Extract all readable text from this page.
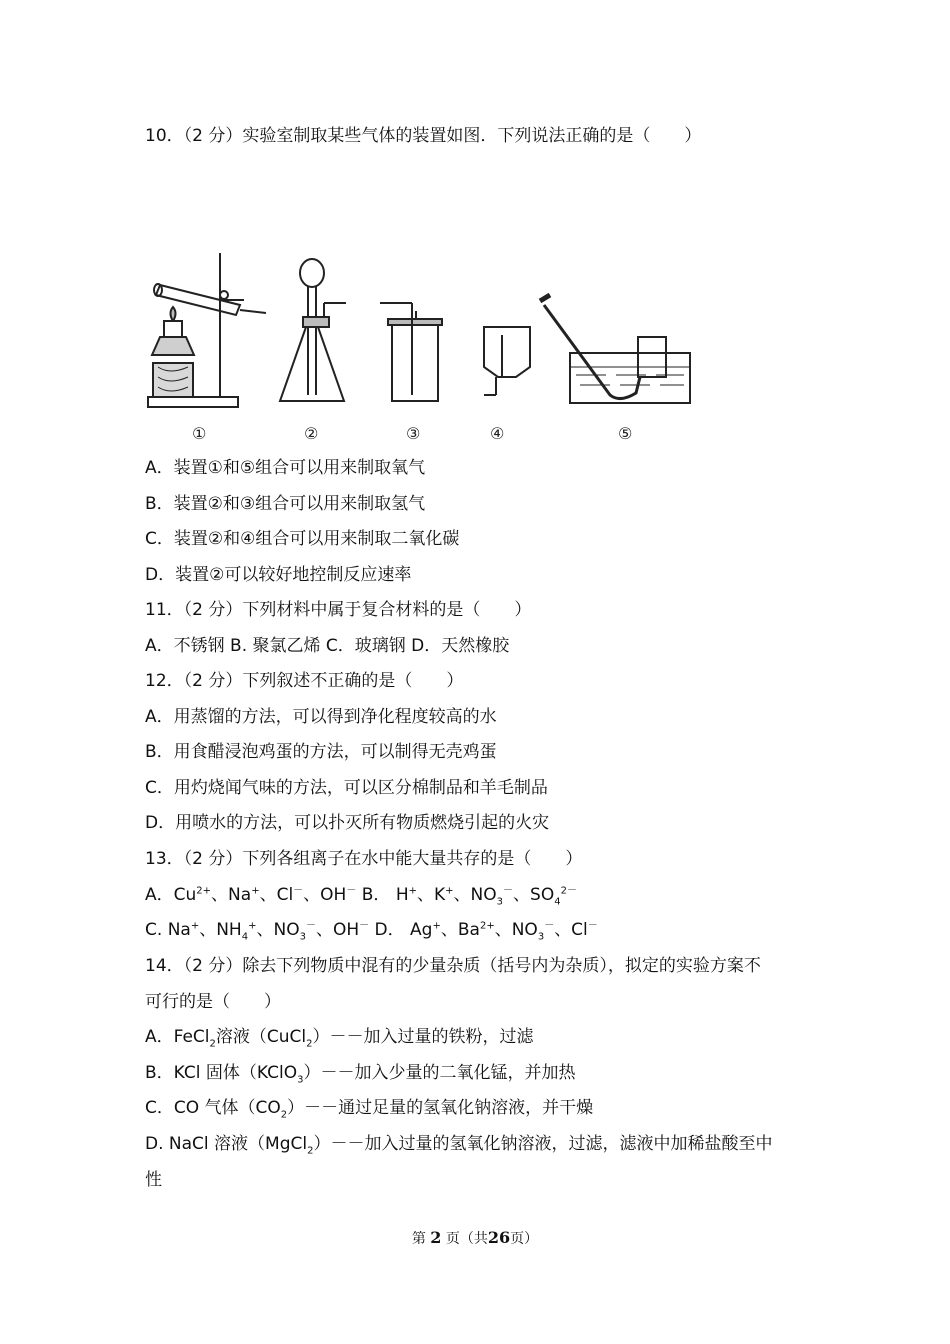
10．（2 分）实验室制取某些气体的装置如图．下列说法正确的是（　　）
①	②	③	④	⑤
A．装置①和⑤组合可以用来制取氧气
B．装置②和③组合可以用来制取氢气
C．装置②和④组合可以用来制取二氧化碳
D．装置②可以较好地控制反应速率
11．（2 分）下列材料中属于复合材料的是（　　）
A．不锈钢 B. 聚氯乙烯 C．玻璃钢 D．天然橡胶
12．（2 分）下列叙述不正确的是（　　）
A．用蒸馏的方法，可以得到净化程度较高的水
B．用食醋浸泡鸡蛋的方法，可以制得无壳鸡蛋
C．用灼烧闻气味的方法，可以区分棉制品和羊毛制品
D．用喷水的方法，可以扑灭所有物质燃烧引起的火灾
13．（2 分）下列各组离子在水中能大量共存的是（　　）
A．$Cu^{2+}$、Na+、Cl－、OH－ B． H+、K+、$NO_3^-$、$SO_4^{2-}$
C. Na+、$NH_4^+$、$NO_3^-$、OH－ D． Ag+、$Ba^{2+}$、$NO_3^-$、Cl－
14．（2 分）除去下列物质中混有的少量杂质（括号内为杂质），拟定的实验方案不
可行的是（　　）
A．FeCl$_2$溶液（CuCl$_2$）－－加入过量的铁粉，过滤
B．KCl 固体（KClO$_3$）－－加入少量的二氧化锰，并加热
C．CO 气体$(CO_2)--$通过足量的氢氧化钠溶液，并干燥
D. NaCl 溶液（MgCl$_2$）－－加入过量的氢氧化钠溶液，过滤，滤液中加稀盐酸至中
性
第 2 页（共26页）
